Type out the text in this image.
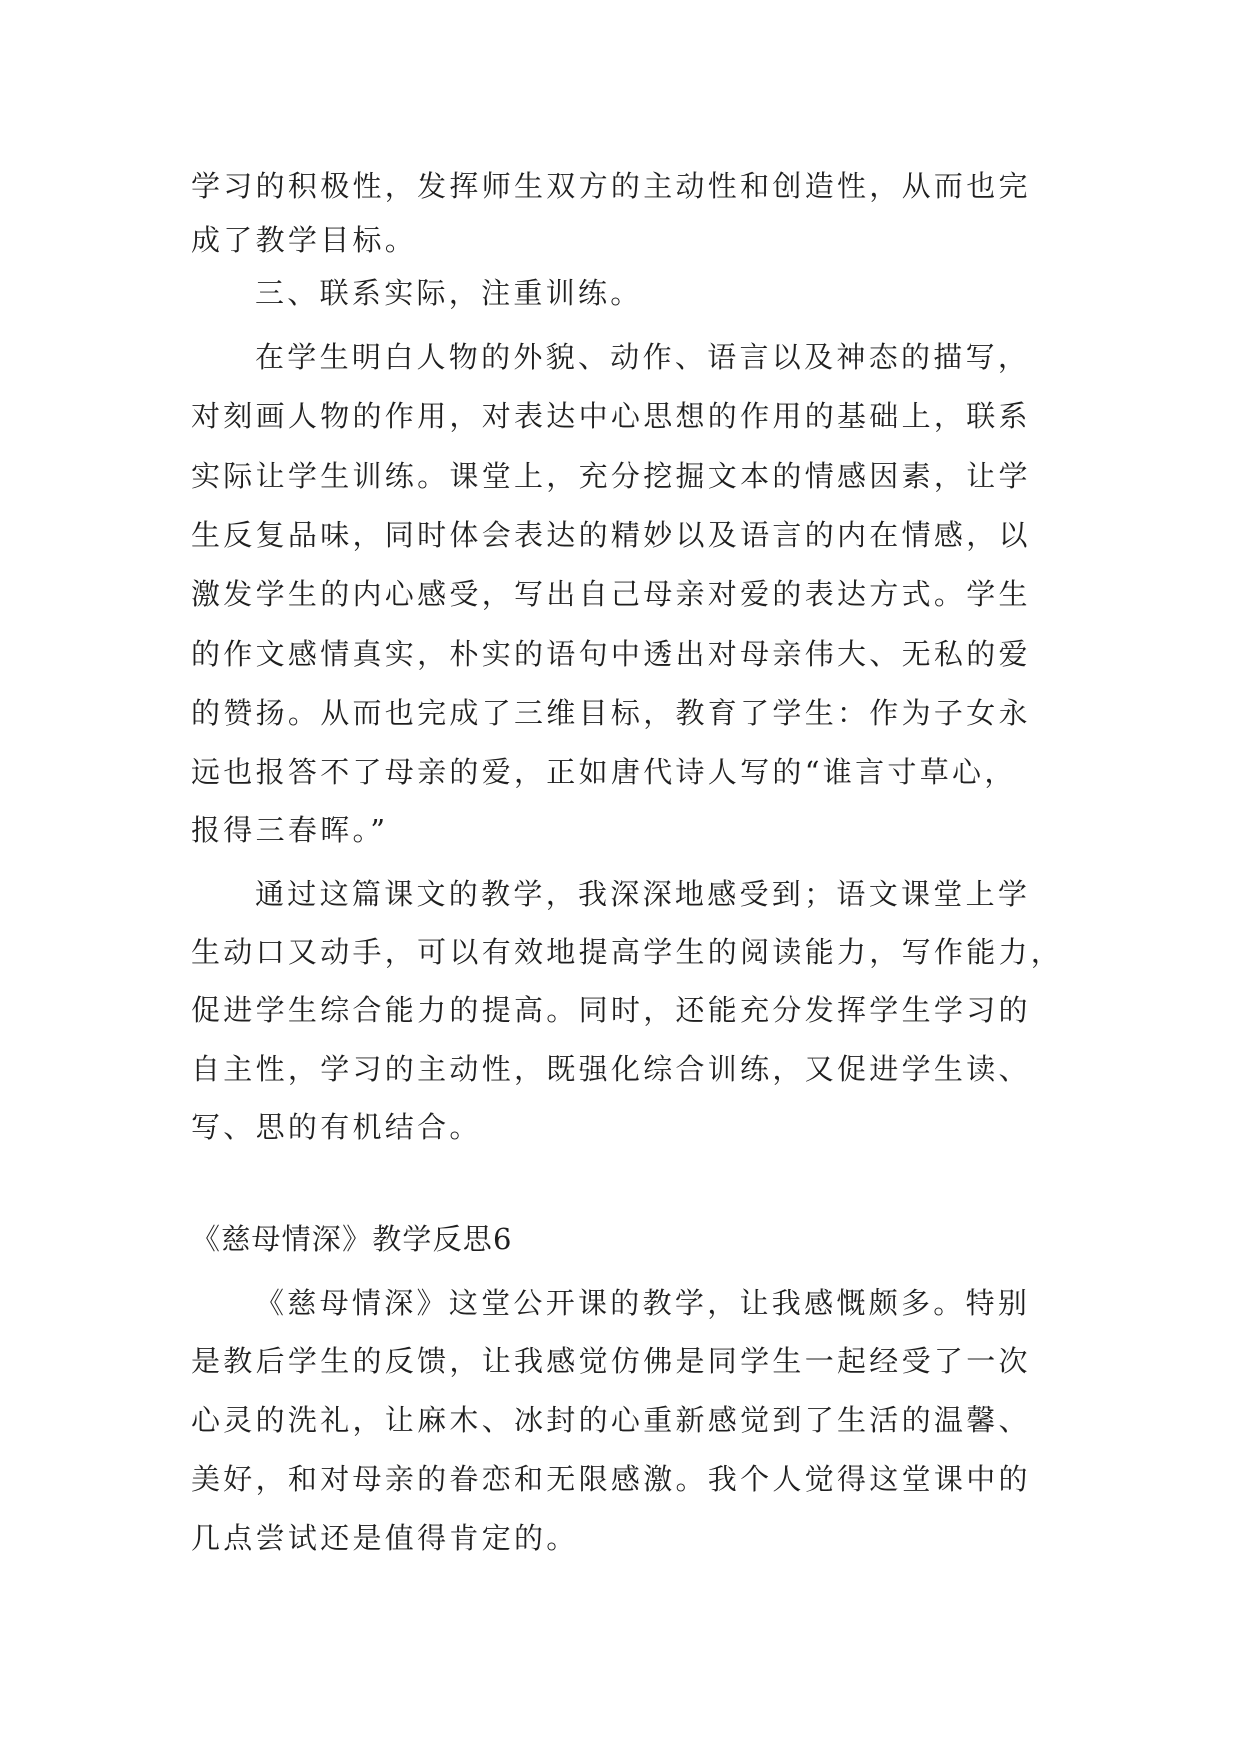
学习的积极性，发挥师生双方的主动性和创造性，从而也完
成了教学目标。
三、联系实际，注重训练。
在学生明白人物的外貌、动作、语言以及神态的描写，
对刻画人物的作用，对表达中心思想的作用的基础上，联系
实际让学生训练。课堂上，充分挖掘文本的情感因素，让学
生反复品味，同时体会表达的精妙以及语言的内在情感，以
激发学生的内心感受，写出自己母亲对爱的表达方式。学生
的作文感情真实，朴实的语句中透出对母亲伟大、无私的爱
的赞扬。从而也完成了三维目标，教育了学生：作为子女永
远也报答不了母亲的爱，正如唐代诗人写的“谁言寸草心，
报得三春晖。”
通过这篇课文的教学，我深深地感受到；语文课堂上学
生动口又动手，可以有效地提高学生的阅读能力，写作能力，
促进学生综合能力的提高。同时，还能充分发挥学生学习的
自主性，学习的主动性，既强化综合训练，又促进学生读、
写、思的有机结合。
《慈母情深》教学反思6
《慈母情深》这堂公开课的教学，让我感慨颇多。特别
是教后学生的反馈，让我感觉仿佛是同学生一起经受了一次
心灵的洗礼，让麻木、冰封的心重新感觉到了生活的温馨、
美好，和对母亲的眷恋和无限感激。我个人觉得这堂课中的
几点尝试还是值得肯定的。
